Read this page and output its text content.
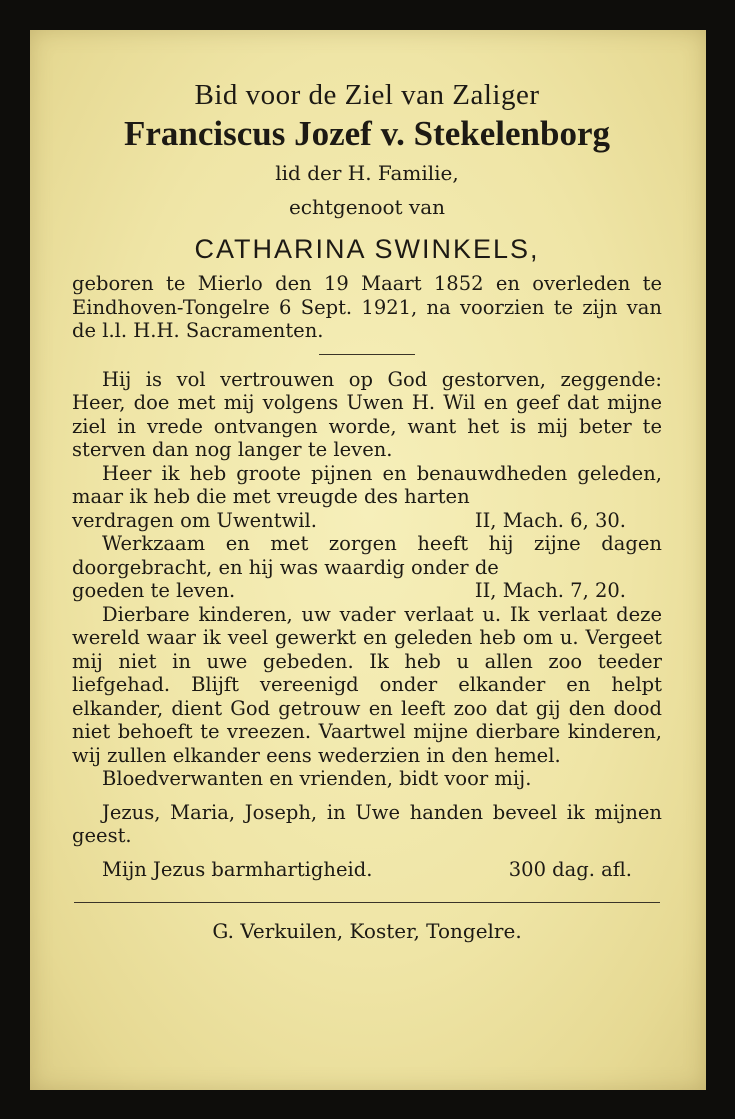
Bid voor de Ziel van Zaliger
Franciscus Jozef v. Stekelenborg
lid der H. Familie,
echtgenoot van
CATHARINA SWINKELS,

geboren te Mierlo den 19 Maart 1852 en overleden te Eindhoven-Tongelre 6 Sept. 1921, na voorzien te zijn van de l.l. H.H. Sacramenten.

Hij is vol vertrouwen op God gestorven, zeggende: Heer, doe met mij volgens Uwen H. Wil en geef dat mijne ziel in vrede ontvangen worde, want het is mij beter te sterven dan nog langer te leven.

Heer ik heb groote pijnen en benauwdheden geleden, maar ik heb die met vreugde des harten

verdragen om Uwentwil.	II, Mach. 6, 30.

Werkzaam en met zorgen heeft hij zijne dagen doorgebracht, en hij was waardig onder de

goeden te leven.	II, Mach. 7, 20.

Dierbare kinderen, uw vader verlaat u. Ik verlaat deze wereld waar ik veel gewerkt en geleden heb om u. Vergeet mij niet in uwe gebeden. Ik heb u allen zoo teeder liefgehad. Blijft vereenigd onder elkander en helpt elkander, dient God getrouw en leeft zoo dat gij den dood niet behoeft te vreezen. Vaartwel mijne dierbare kinderen, wij zullen elkander eens wederzien in den hemel.

Bloedverwanten en vrienden, bidt voor mij.

Jezus, Maria, Joseph, in Uwe handen beveel ik mijnen geest.

Mijn Jezus barmhartigheid.	300 dag. afl.
G. Verkuilen, Koster, Tongelre.
